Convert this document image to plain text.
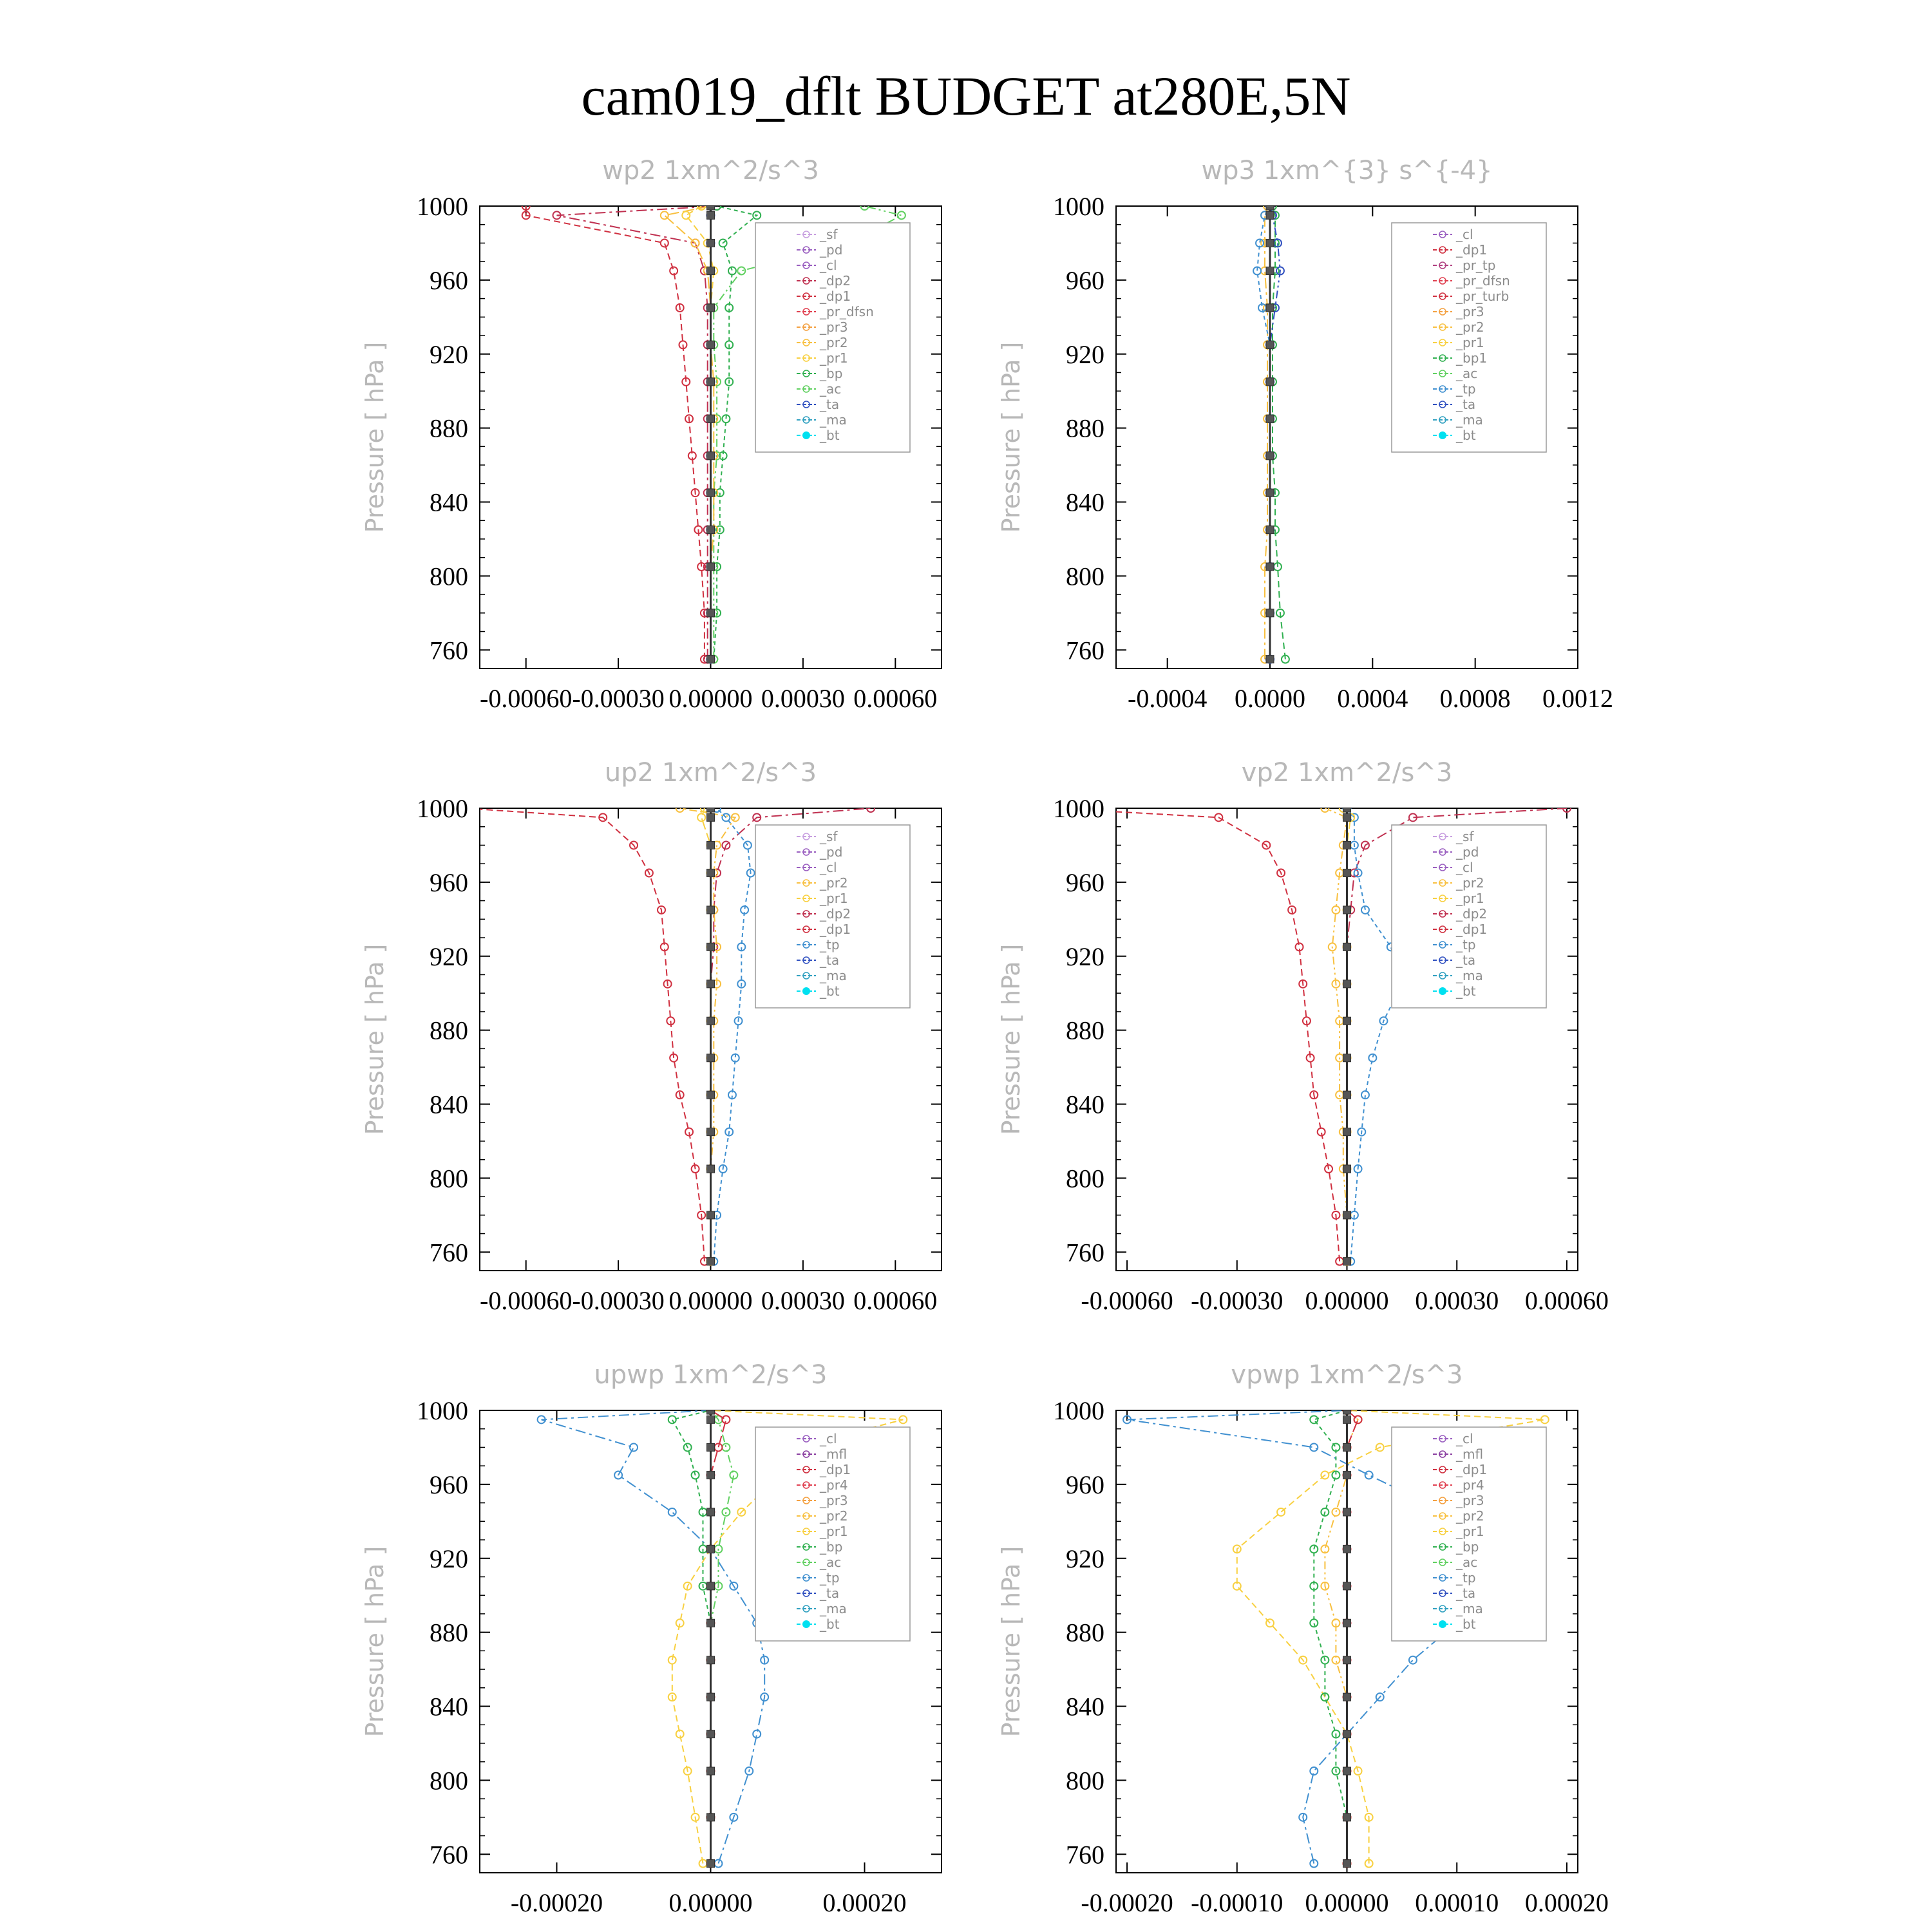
cam019_dflt BUDGET at280E,5N
wp2 1xm^2/s^3
Pressure [ hPa ]
760
800
840
880
920
960
1000
-0.00060 -0.00030 0.00000 0.00030 0.00060
_sf
_pd
_cl
_dp2
_dp1
_pr_dfsn
_pr3
_pr2
_pr1
_bp
_ac
_ta
_ma
_bt
wp3 1xm^{3} s^{-4}
Pressure [ hPa ]
760
800
840
880
920
960
1000
-0.0004 0.0000 0.0004 0.0008 0.0012
_cl
_dp1
_pr_tp
_pr_dfsn
_pr_turb
_pr3
_pr2
_pr1
_bp1
_ac
_tp
_ta
_ma
_bt
up2 1xm^2/s^3
Pressure [ hPa ]
760
800
840
880
920
960
1000
-0.00060 -0.00030 0.00000 0.00030 0.00060
_sf
_pd
_cl
_pr2
_pr1
_dp2
_dp1
_tp
_ta
_ma
_bt
vp2 1xm^2/s^3
Pressure [ hPa ]
760
800
840
880
920
960
1000
-0.00060 -0.00030 0.00000 0.00030 0.00060
_sf
_pd
_cl
_pr2
_pr1
_dp2
_dp1
_tp
_ta
_ma
_bt
upwp 1xm^2/s^3
Pressure [ hPa ]
760
800
840
880
920
960
1000
-0.00020	0.00000	0.00020
_cl
_mfl
_dp1
_pr4
_pr3
_pr2
_pr1
_bp
_ac
_tp
_ta
_ma
_bt
vpwp 1xm^2/s^3
Pressure [ hPa ]
760
800
840
880
920
960
1000
-0.00020 -0.00010 0.00000 0.00010 0.00020
_cl
_mfl
_dp1
_pr4
_pr3
_pr2
_pr1
_bp
_ac
_tp
_ta
_ma
_bt
